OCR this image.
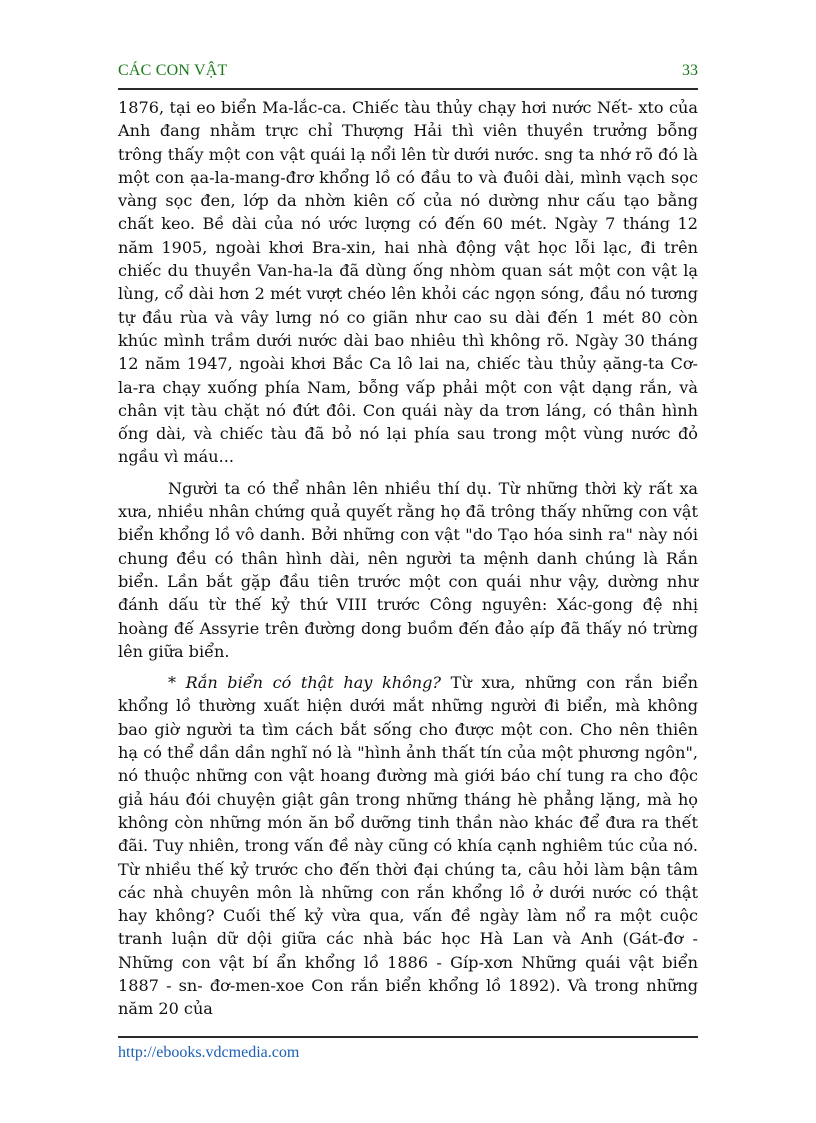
CÁC CON VẬT	33

1876, tại eo biển Ma-lắc-ca. Chiếc tàu thủy chạy hơi nước Nết- xto của Anh đang nhằm trực chỉ Thượng Hải thì viên thuyền trưởng bỗng trông thấy một con vật quái lạ nổi lên từ dưới nước. sng ta nhớ rõ đó là một con ạa-la-mang-đrơ khổng lồ có đầu to và đuôi dài, mình vạch sọc vàng sọc đen, lớp da nhờn kiên cố của nó dường như cấu tạo bằng chất keo. Bề dài của nó ước lượng có đến 60 mét. Ngày 7 tháng 12 năm 1905, ngoài khơi Bra-xin, hai nhà động vật học lỗi lạc, đi trên chiếc du thuyền Van-ha-la đã dùng ống nhòm quan sát một con vật lạ lùng, cổ dài hơn 2 mét vượt chéo lên khỏi các ngọn sóng, đầu nó tương tự đầu rùa và vây lưng nó co giãn như cao su dài đến 1 mét 80 còn khúc mình trầm dưới nước dài bao nhiêu thì không rõ. Ngày 30 tháng 12 năm 1947, ngoài khơi Bắc Ca lô lai na, chiếc tàu thủy ạăng-ta Cơ- la-ra chạy xuống phía Nam, bỗng vấp phải một con vật dạng rắn, và chân vịt tàu chặt nó đứt đôi. Con quái này da trơn láng, có thân hình ống dài, và chiếc tàu đã bỏ nó lại phía sau trong một vùng nước đỏ ngầu vì máu...

Người ta có thể nhân lên nhiều thí dụ. Từ những thời kỳ rất xa xưa, nhiều nhân chứng quả quyết rằng họ đã trông thấy những con vật biển khổng lồ vô danh. Bởi những con vật "do Tạo hóa sinh ra" này nói chung đều có thân hình dài, nên người ta mệnh danh chúng là Rắn biển. Lần bắt gặp đầu tiên trước một con quái như vậy, dường như đánh dấu từ thế kỷ thứ VIII trước Công nguyên: Xác-gong đệ nhị hoàng đế Assyrie trên đường dong buồm đến đảo ạíp đã thấy nó trừng lên giữa biển.

* Rắn biển có thật hay không? Từ xưa, những con rắn biển khổng lồ thường xuất hiện dưới mắt những người đi biển, mà không bao giờ người ta tìm cách bắt sống cho được một con. Cho nên thiên hạ có thể dần dần nghĩ nó là "hình ảnh thất tín của một phương ngôn", nó thuộc những con vật hoang đường mà giới báo chí tung ra cho độc giả háu đói chuyện giật gân trong những tháng hè phẳng lặng, mà họ không còn những món ăn bổ dưỡng tinh thần nào khác để đưa ra thết đãi. Tuy nhiên, trong vấn đề này cũng có khía cạnh nghiêm túc của nó. Từ nhiều thế kỷ trước cho đến thời đại chúng ta, câu hỏi làm bận tâm các nhà chuyên môn là những con rắn khổng lồ ở dưới nước có thật hay không? Cuối thế kỷ vừa qua, vấn đề ngày làm nổ ra một cuộc tranh luận dữ dội giữa các nhà bác học Hà Lan và Anh (Gát-đơ - Những con vật bí ẩn khổng lồ 1886 - Gíp-xơn Những quái vật biển 1887 - sn- đơ-men-xoe Con rắn biển khổng lồ 1892). Và trong những năm 20 của

http://ebooks.vdcmedia.com
